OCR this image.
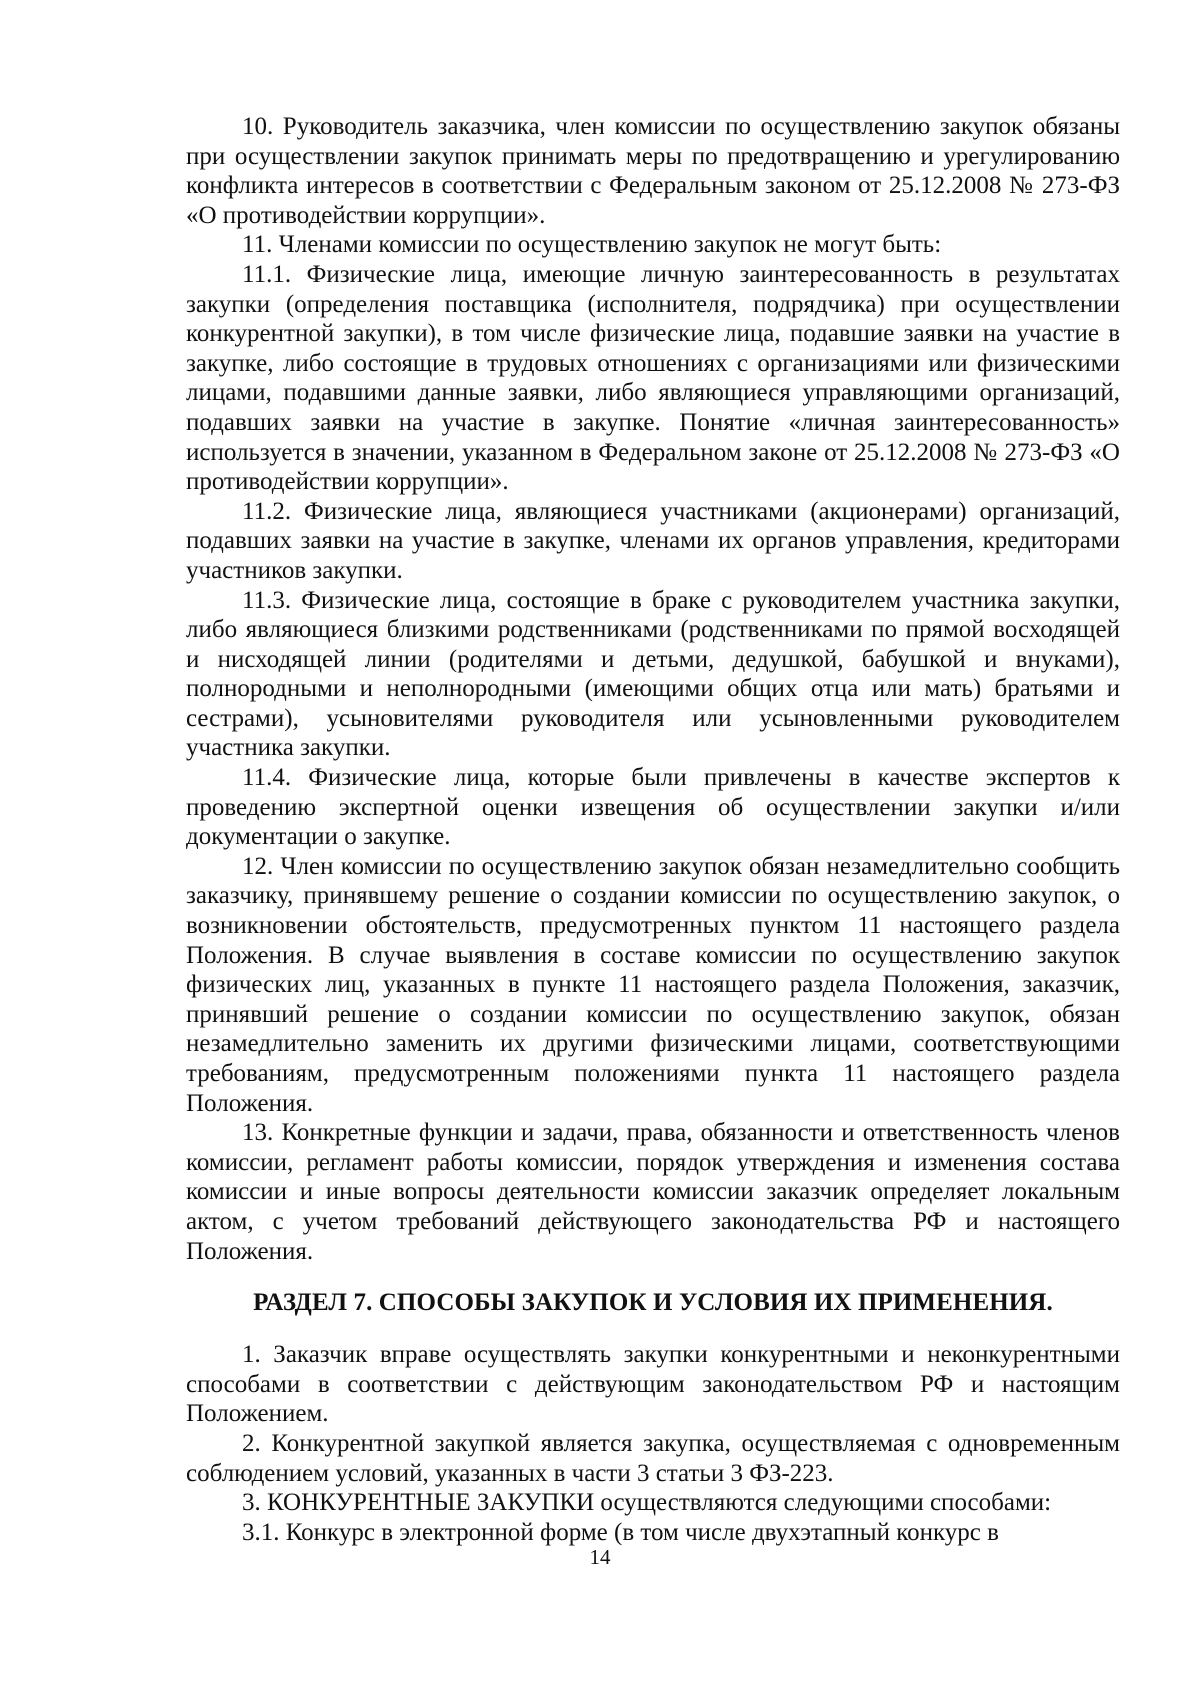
10. Руководитель заказчика, член комиссии по осуществлению закупок обязаны при осуществлении закупок принимать меры по предотвращению и урегулированию конфликта интересов в соответствии с Федеральным законом от 25.12.2008 № 273-ФЗ «О противодействии коррупции».

11. Членами комиссии по осуществлению закупок не могут быть:

11.1. Физические лица, имеющие личную заинтересованность в результатах закупки (определения поставщика (исполнителя, подрядчика) при осуществлении конкурентной закупки), в том числе физические лица, подавшие заявки на участие в закупке, либо состоящие в трудовых отношениях с организациями или физическими лицами, подавшими данные заявки, либо являющиеся управляющими организаций, подавших заявки на участие в закупке. Понятие «личная заинтересованность» используется в значении, указанном в Федеральном законе от 25.12.2008 № 273-ФЗ «О противодействии коррупции».

11.2. Физические лица, являющиеся участниками (акционерами) организаций, подавших заявки на участие в закупке, членами их органов управления, кредиторами участников закупки.

11.3. Физические лица, состоящие в браке с руководителем участника закупки, либо являющиеся близкими родственниками (родственниками по прямой восходящей и нисходящей линии (родителями и детьми, дедушкой, бабушкой и внуками), полнородными и неполнородными (имеющими общих отца или мать) братьями и сестрами), усыновителями руководителя или усыновленными руководителем участника закупки.

11.4. Физические лица, которые были привлечены в качестве экспертов к проведению экспертной оценки извещения об осуществлении закупки и/или документации о закупке.

12. Член комиссии по осуществлению закупок обязан незамедлительно сообщить заказчику, принявшему решение о создании комиссии по осуществлению закупок, о возникновении обстоятельств, предусмотренных пунктом 11 настоящего раздела Положения. В случае выявления в составе комиссии по осуществлению закупок физических лиц, указанных в пункте 11 настоящего раздела Положения, заказчик, принявший решение о создании комиссии по осуществлению закупок, обязан незамедлительно заменить их другими физическими лицами, соответствующими требованиям, предусмотренным положениями пункта 11 настоящего раздела Положения.

13. Конкретные функции и задачи, права, обязанности и ответственность членов комиссии, регламент работы комиссии, порядок утверждения и изменения состава комиссии и иные вопросы деятельности комиссии заказчик определяет локальным актом, с учетом требований действующего законодательства РФ и настоящего Положения.

РАЗДЕЛ 7. СПОСОБЫ ЗАКУПОК И УСЛОВИЯ ИХ ПРИМЕНЕНИЯ.

1. Заказчик вправе осуществлять закупки конкурентными и неконкурентными способами в соответствии с действующим законодательством РФ и настоящим Положением.

2. Конкурентной закупкой является закупка, осуществляемая с одновременным соблюдением условий, указанных в части 3 статьи 3 ФЗ-223.

3. КОНКУРЕНТНЫЕ ЗАКУПКИ осуществляются следующими способами:

3.1. Конкурс в электронной форме (в том числе двухэтапный конкурс в

14
